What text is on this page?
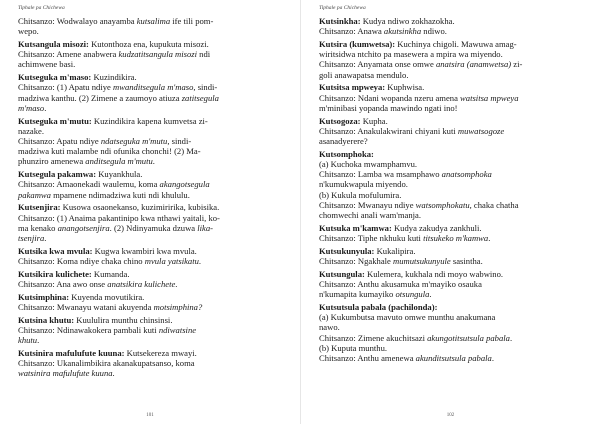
Tiphale pa Chichewa

Chitsanzo: Wodwalayo anayamba kutsalima ife tili pom-

wepo.

Kutsangula misozi: Kutonthoza ena, kupukuta misozi.

Chitsanzo: Amene anabwera kudzatitsangula misozi ndi

achimwene basi.

Kutseguka m'maso: Kuzindikira.

Chitsanzo: (1) Apatu ndiye mwanditsegula m'maso, sindi-

madziwa kanthu. (2) Zimene a zaumoyo atiuza zatitsegula

m'maso.

Kutseguka m'mutu: Kuzindikira kapena kumvetsa zi-

nazake.

Chitsanzo: Apatu ndiye ndatseguka m'mutu, sindi-

madziwa kuti malambe ndi ofunika chonchi! (2) Ma-

phunziro amenewa anditsegula m'mutu.

Kutsegula pakamwa: Kuyankhula.

Chitsanzo: Amaonekadi waulemu, koma akangotsegula

pakamwa mpamene ndimadziwa kuti ndi khululu.

Kutsenjira: Kusowa osaonekanso, kuzimiririka, kubisika.

Chitsanzo: (1) Anaima pakantinipo kwa nthawi yaitali, ko-

ma kenako anangotsenjira. (2) Ndinyamuka dzuwa lika-

tsenjira.

Kutsika kwa mvula: Kugwa kwambiri kwa mvula.

Chitsanzo: Koma ndiye chaka chino mvula yatsikatu.

Kutsikira kulichete: Kumanda.

Chitsanzo: Ana awo onse anatsikira kulichete.

Kutsimphina: Kuyenda movutikira.

Chitsanzo: Mwanayu watani akuyenda motsimphina?

Kutsina khutu: Kuululira munthu chinsinsi.

Chitsanzo: Ndinawakokera pambali kuti ndiwatsine

khutu.

Kutsinira mafulufute kuuna: Kutsekereza mwayi.

Chitsanzo: Ukanalimbikira akanakupatsanso, koma

watsinira mafulufute kuuna.

101
Tiphale pa Chichewa

Kutsinkha: Kudya ndiwo zokhazokha.

Chitsanzo: Anawa akutsinkha ndiwo.

Kutsira (kumwetsa): Kuchinya chigoli. Mawuwa amag-

wiritsidwa ntchito pa masewera a mpira wa miyendo.

Chitsanzo: Anyamata onse omwe anatsira (anamwetsa) zi-

goli anawapatsa mendulo.

Kutsitsa mpweya: Kuphwisa.

Chitsanzo: Ndani wopanda nzeru amena watsitsa mpweya

m'minibasi yopanda mawindo ngati ino!

Kutsogoza: Kupha.

Chitsanzo: Anakulakwirani chiyani kuti muwatsogoze

asanadyerere?

Kutsomphoka:

(a) Kuchoka mwamphamvu.

Chitsanzo: Lamba wa msamphawo anatsomphoka

n'kumukwapula miyendo.

(b) Kukula mofulumira.

Chitsanzo: Mwanayu ndiye watsomphokatu, chaka chatha

chomwechi anali wam'manja.

Kutsuka m'kamwa: Kudya zakudya zankhuli.

Chitsanzo: Tiphe nkhuku kuti titsukeko m'kamwa.

Kutsukunyula: Kukalipira.

Chitsanzo: Ngakhale mumutsukunyule sasintha.

Kutsungula: Kulemera, kukhala ndi moyo wabwino.

Chitsanzo: Anthu akusamuka m'mayiko osauka

n'kumapita kumayiko otsungula.

Kutsutsula pabala (pachilonda):

(a) Kukumbutsa mavuto omwe munthu anakumana

nawo.

Chitsanzo: Zimene akuchitsazi akungotitsutsula pabala.

(b) Kuputa munthu.

Chitsanzo: Anthu amenewa akunditsutsula pabala.

102
